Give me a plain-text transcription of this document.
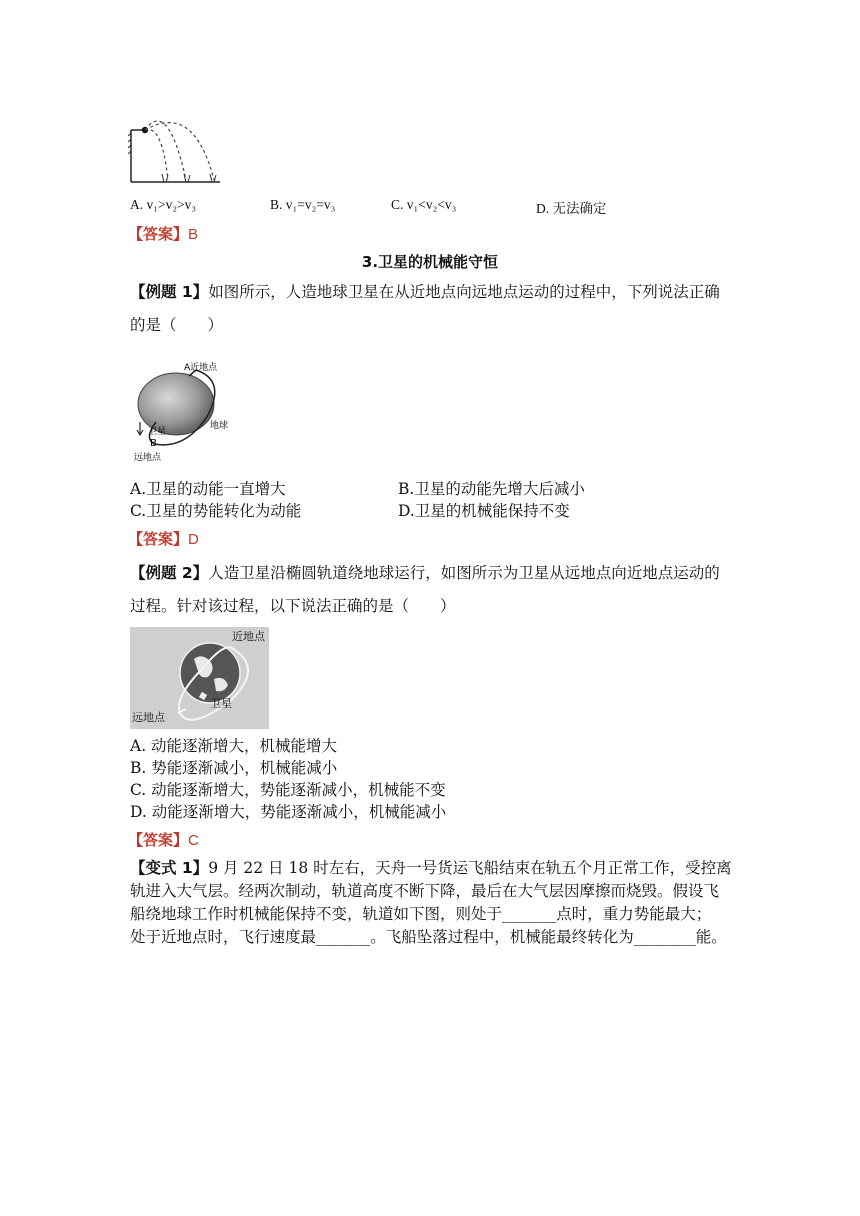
A. v₁>v₂>v₃	B. v₁=v₂=v₃	C. v₁<v₂<v₃	D. 无法确定
【答案】B
3.卫星的机械能守恒
【例题 1】如图所示，人造地球卫星在从近地点向远地点运动的过程中，下列说法正确
的是（　　）
A近地点
地球
卫星
B
远地点
A.卫星的动能一直增大	B.卫星的动能先增大后减小
C.卫星的势能转化为动能	D.卫星的机械能保持不变
【答案】D
【例题 2】人造卫星沿椭圆轨道绕地球运行，如图所示为卫星从远地点向近地点运动的
过程。针对该过程，以下说法正确的是（　　）
近地点
卫星
远地点
A. 动能逐渐增大，机械能增大
B. 势能逐渐减小，机械能减小
C. 动能逐渐增大，势能逐渐减小，机械能不变
D. 动能逐渐增大，势能逐渐减小，机械能减小
【答案】C
【变式 1】9 月 22 日 18 时左右，天舟一号货运飞船结束在轨五个月正常工作，受控离
轨进入大气层。经两次制动，轨道高度不断下降，最后在大气层因摩擦而烧毁。假设飞
船绕地球工作时机械能保持不变，轨道如下图，则处于_______点时，重力势能最大；
处于近地点时，飞行速度最_______。飞船坠落过程中，机械能最终转化为________能。
